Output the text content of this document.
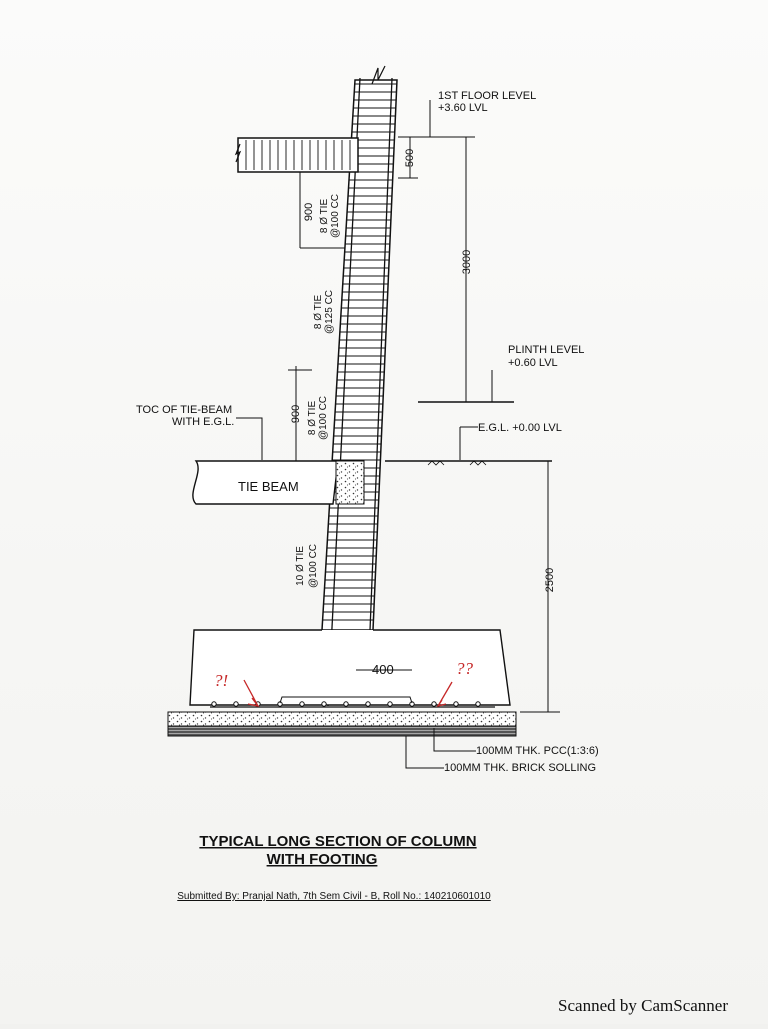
1ST FLOOR LEVEL
+3.60 LVL
500
3000
900 8 Ø TIE @100 CC
8 Ø TIE @125 CC
PLINTH LEVEL
+0.60 LVL
E.G.L. +0.00 LVL
TOC OF TIE-BEAM
WITH E.G.L.	900 8 Ø TIE @100 CC
TIE BEAM
10 Ø TIE @100 CC
400
2500
100MM THK. PCC(1:3:6)
100MM THK. BRICK SOLLING
?!
??
TYPICAL LONG SECTION OF COLUMN
WITH FOOTING
Submitted By: Pranjal Nath, 7th Sem Civil - B, Roll No.: 140210601010
Scanned by CamScanner
